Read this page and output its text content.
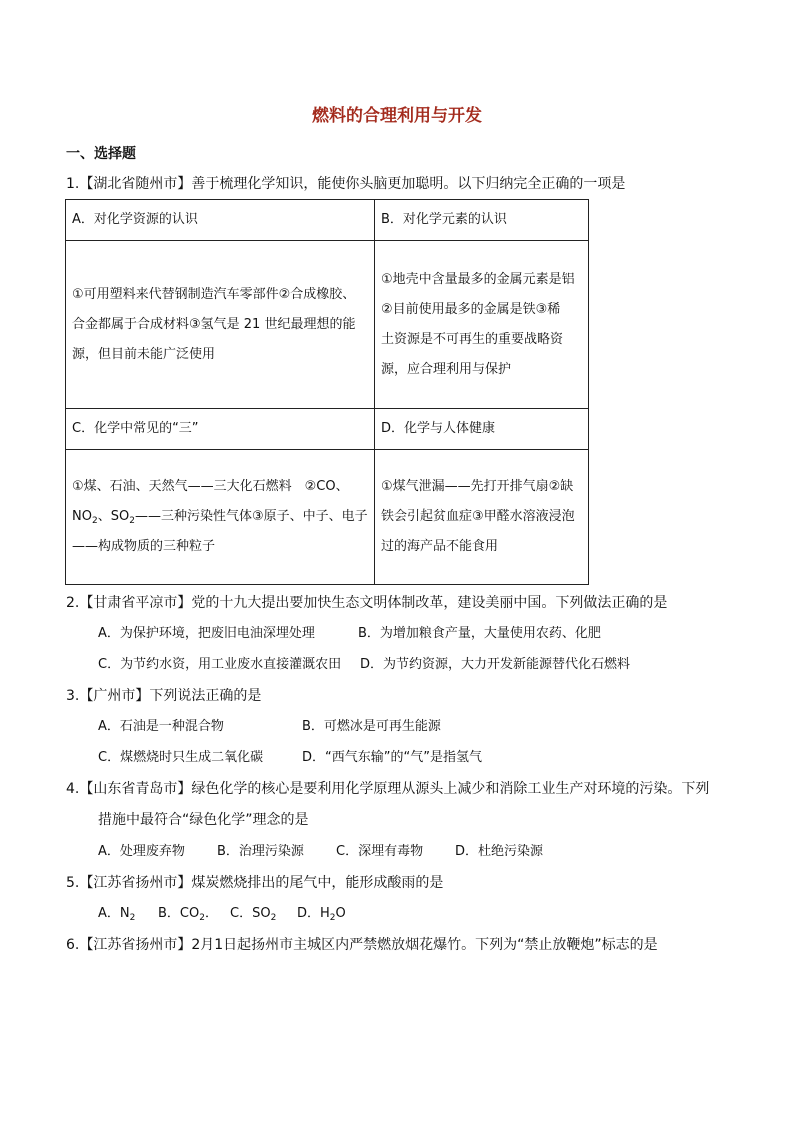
燃料的合理利用与开发
一、选择题
1.【湖北省随州市】善于梳理化学知识，能使你头脑更加聪明。以下归纳完全正确的一项是
A．对化学资源的认识	B．对化学元素的认识

①可用塑料来代替钢制造汽车零部件②合成橡胶、合金都属于合成材料③氢气是 21 世纪最理想的能源，但目前未能广泛使用	①地壳中含量最多的金属元素是铝②目前使用最多的金属是铁③稀　土资源是不可再生的重要战略资源，应合理利用与保护

C．化学中常见的“三”	D．化学与人体健康

①煤、石油、天然气——三大化石燃料　②CO、$NO_2$、$SO_2——$三种污染性气体③原子、中子、电子——构成物质的三种粒子	①煤气泄漏——先打开排气扇②缺铁会引起贫血症③甲醛水溶液浸泡过的海产品不能食用
2.【甘肃省平凉市】党的十九大提出要加快生态文明体制改革，建设美丽中国。下列做法正确的是
A．为保护环境，把废旧电油深埋处理	B．为增加粮食产量，大量使用农药、化肥
C．为节约水资，用工业废水直接灌溉农田 D．为节约资源，大力开发新能源替代化石燃料
3.【广州市】下列说法正确的是
A．石油是一种混合物	B．可燃冰是可再生能源
C．煤燃烧时只生成二氧化碳	D．“西气东输”的“气”是指氢气
4.【山东省青岛市】绿色化学的核心是要利用化学原理从源头上减少和消除工业生产对环境的污染。下列
措施中最符合“绿色化学”理念的是
A．处理废弃物 B．治理污染源 C．深埋有毒物 D．杜绝污染源
5.【江苏省扬州市】煤炭燃烧排出的尾气中，能形成酸雨的是
A．$N_2$ B．$CO_2$． C．$SO_2$ D．$H_2O$
6.【江苏省扬州市】2月1日起扬州市主城区内严禁燃放烟花爆竹。下列为“禁止放鞭炮”标志的是
